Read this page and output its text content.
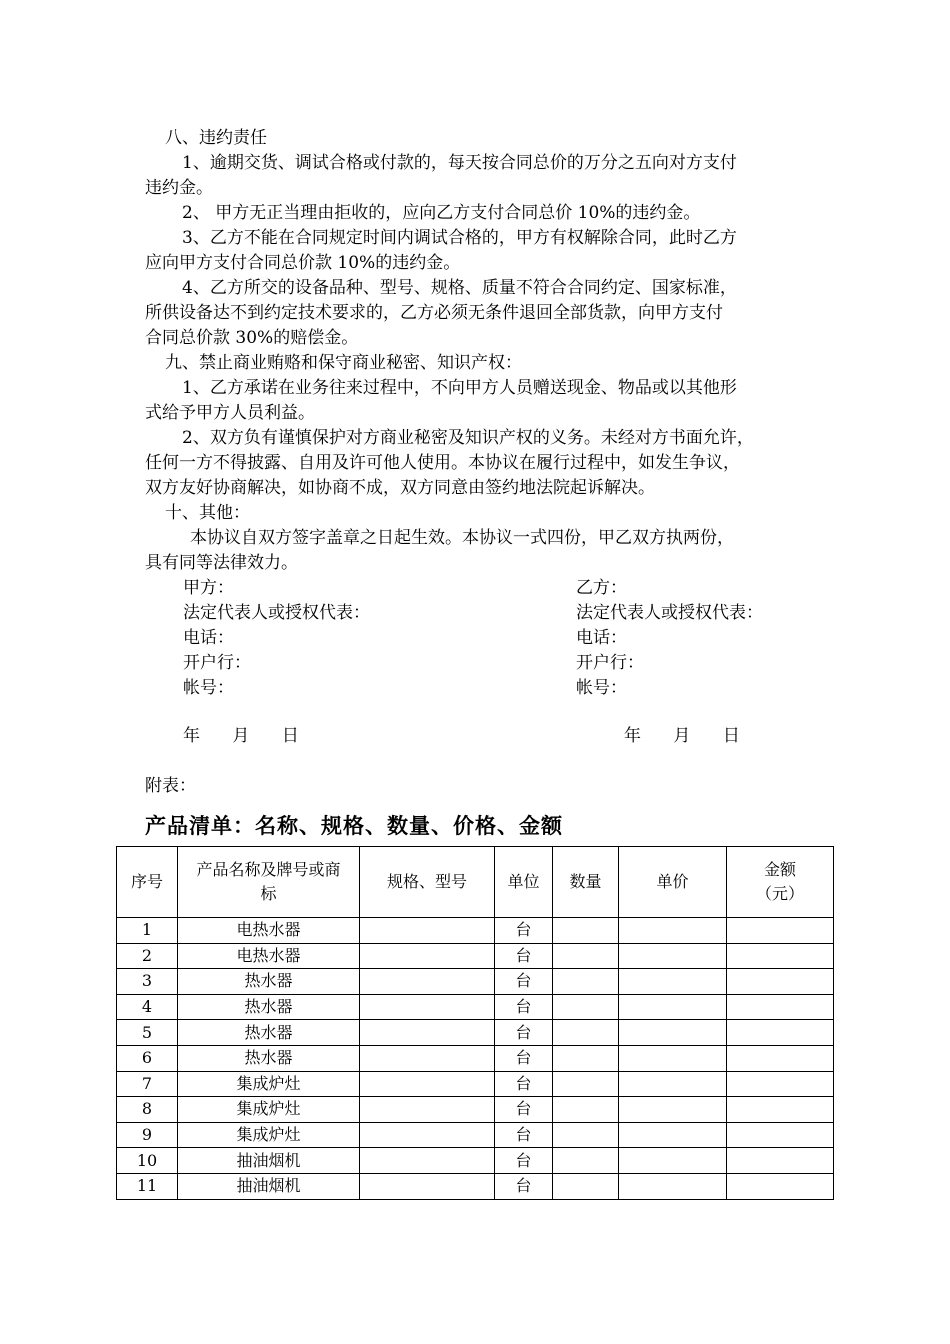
八、违约责任
1、逾期交货、调试合格或付款的，每天按合同总价的万分之五向对方支付
违约金。
2、 甲方无正当理由拒收的，应向乙方支付合同总价 10%的违约金。
3、乙方不能在合同规定时间内调试合格的，甲方有权解除合同，此时乙方
应向甲方支付合同总价款 10%的违约金。
4、乙方所交的设备品种、型号、规格、质量不符合合同约定、国家标准，
所供设备达不到约定技术要求的，乙方必须无条件退回全部货款，向甲方支付
合同总价款 30%的赔偿金。
九、禁止商业贿赂和保守商业秘密、知识产权：
1、乙方承诺在业务往来过程中，不向甲方人员赠送现金、物品或以其他形
式给予甲方人员利益。
2、双方负有谨慎保护对方商业秘密及知识产权的义务。未经对方书面允许，
任何一方不得披露、自用及许可他人使用。本协议在履行过程中，如发生争议，
双方友好协商解决，如协商不成，双方同意由签约地法院起诉解决。
十、其他：
本协议自双方签字盖章之日起生效。本协议一式四份，甲乙双方执两份，
具有同等法律效力。
甲方：	乙方：
法定代表人或授权代表：	法定代表人或授权代表：
电话：	电话：
开户行：	开户行：
帐号：	帐号：
年      月      日	年      月      日
附表：
产品清单：名称、规格、数量、价格、金额
序号	产品名称及牌号或商标	规格、型号	单位	数量	单价	金额（元）
1	电热水器		台			
2	电热水器		台			
3	热水器		台			
4	热水器		台			
5	热水器		台			
6	热水器		台			
7	集成炉灶		台			
8	集成炉灶		台			
9	集成炉灶		台			
10	抽油烟机		台			
11	抽油烟机		台			
